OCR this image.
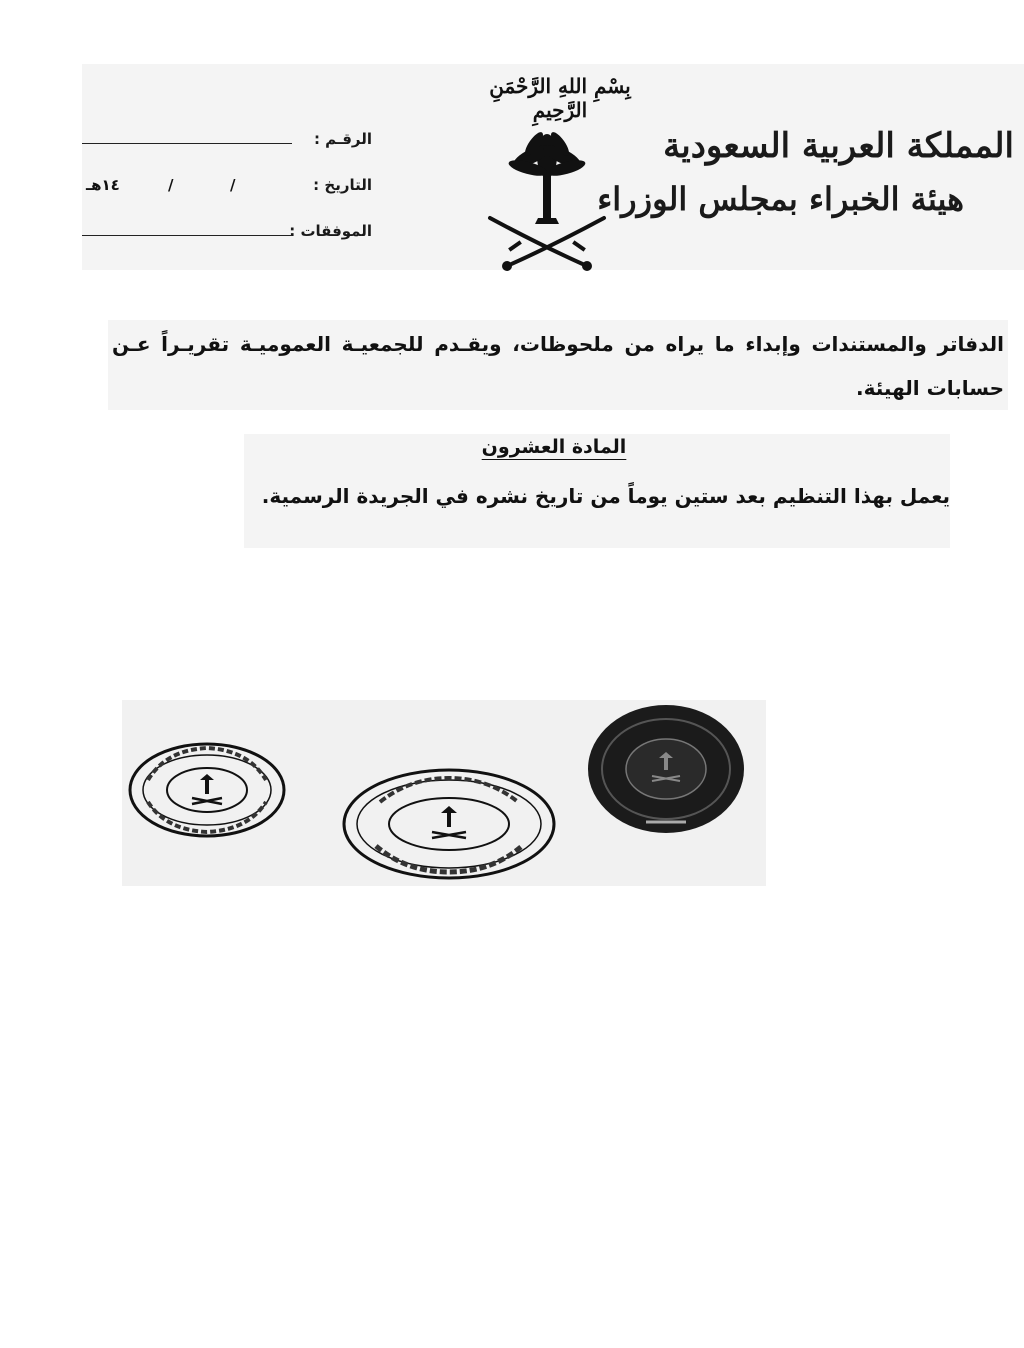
بِسْمِ اللهِ الرَّحْمَنِ الرَّحِيمِ
المملكة العربية السعودية
هيئة الخبراء بمجلس الوزراء
الرقـم :
التاريخ :
١٤هـ	/	/
الموفقات :
الدفاتر والمستندات وإبداء ما يراه من ملحوظات، ويقـدم للجمعيـة العموميـة تقريـراً عـن حسابات الهيئة.
المادة العشرون
يعمل بهذا التنظيم بعد ستين يوماً من تاريخ نشره في الجريدة الرسمية.
